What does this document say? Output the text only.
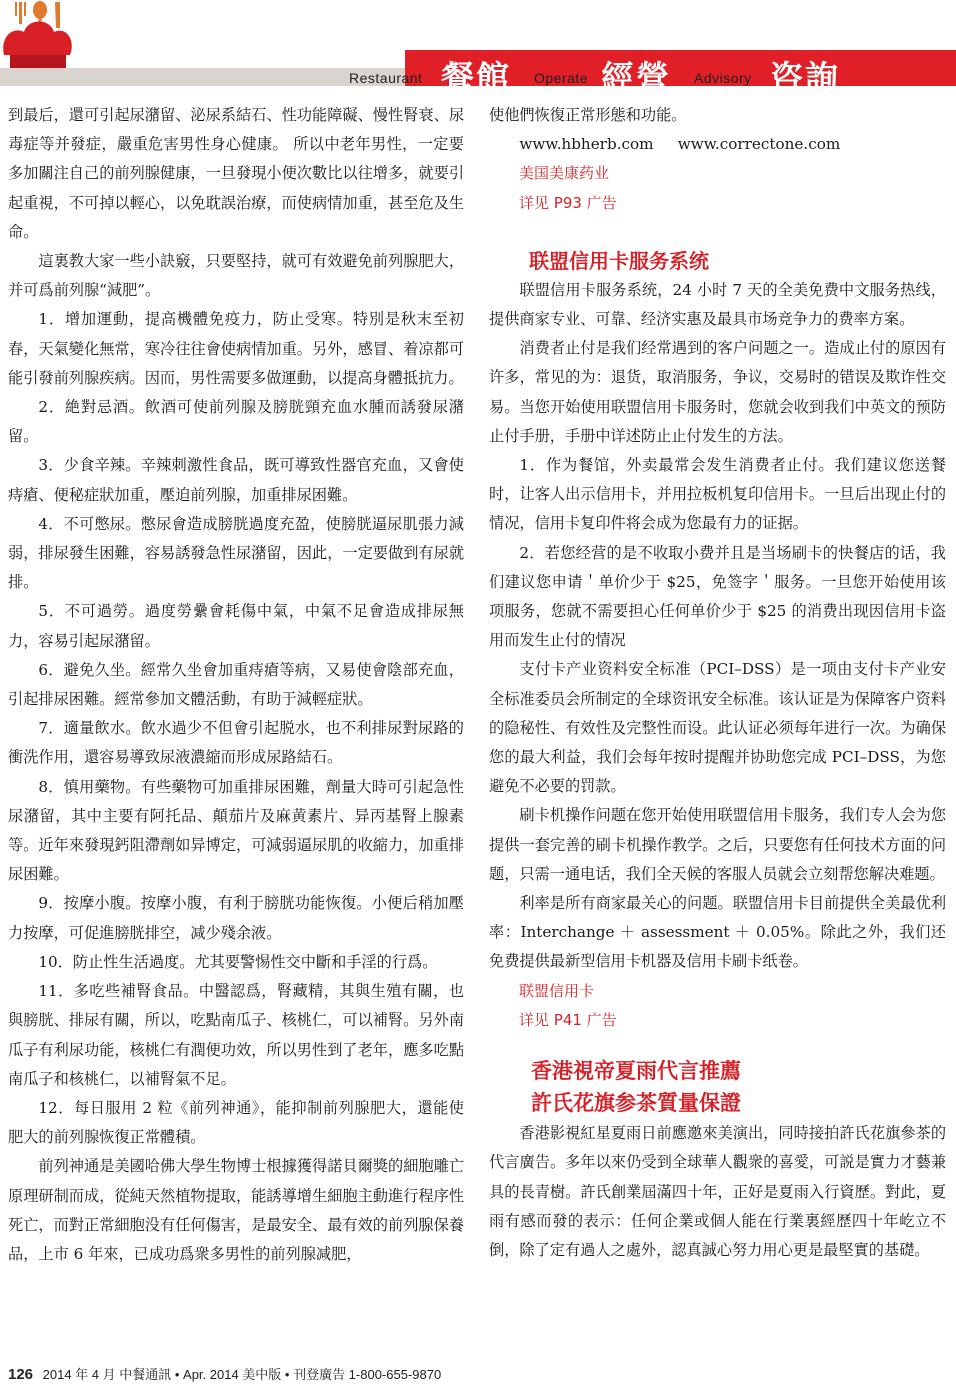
Restaurant 餐館 Operate 經營 Advisory 咨詢

到最后，還可引起尿潴留、泌尿系結石、性功能障礙、慢性腎衰、尿毒症等并發症，嚴重危害男性身心健康。 所以中老年男性，一定要多加關注自己的前列腺健康，一旦發現小便次數比以往增多，就要引起重視，不可掉以輕心，以免耽誤治療，而使病情加重，甚至危及生命。

這裏教大家一些小訣竅，只要堅持，就可有效避免前列腺肥大，并可爲前列腺“減肥”。

1．增加運動，提高機體免疫力，防止受寒。特別是秋末至初春，天氣變化無常，寒冷往往會使病情加重。另外，感冒、着凉都可能引發前列腺疾病。因而，男性需要多做運動，以提高身體抵抗力。

2．絶對忌酒。飲酒可使前列腺及膀胱頸充血水腫而誘發尿潴留。

3．少食辛辣。辛辣刺激性食品，既可導致性器官充血，又會使痔瘡、便秘症狀加重，壓迫前列腺，加重排尿困難。

4．不可憋尿。憋尿會造成膀胱過度充盈，使膀胱逼尿肌張力減弱，排尿發生困難，容易誘發急性尿潴留，因此，一定要做到有尿就排。

5．不可過勞。過度勞纍會耗傷中氣，中氣不足會造成排尿無力，容易引起尿潴留。

6．避免久坐。經常久坐會加重痔瘡等病，又易使會陰部充血，引起排尿困難。經常參加文體活動，有助于減輕症狀。

7．適量飲水。飲水過少不但會引起脱水，也不利排尿對尿路的衝洗作用，還容易導致尿液濃縮而形成尿路結石。

8．慎用藥物。有些藥物可加重排尿困難，劑量大時可引起急性尿潴留，其中主要有阿托品、顛茄片及麻黄素片、异丙基腎上腺素等。近年來發現鈣阻滯劑如异博定，可減弱逼尿肌的收縮力，加重排尿困難。

9．按摩小腹。按摩小腹，有利于膀胱功能恢復。小便后稍加壓力按摩，可促進膀胱排空，减少殘余液。

10．防止性生活過度。尤其要警惕性交中斷和手淫的行爲。

11．多吃些補腎食品。中醫認爲，腎藏精，其與生殖有關，也與膀胱、排尿有關，所以，吃點南瓜子、核桃仁，可以補腎。另外南瓜子有利尿功能，核桃仁有潤便功效，所以男性到了老年，應多吃點南瓜子和核桃仁，以補腎氣不足。

12．每日服用 2 粒《前列神通》，能抑制前列腺肥大，還能使肥大的前列腺恢復正常體積。

前列神通是美國哈佛大學生物博士根據獲得諾貝爾獎的細胞雕亡原理研制而成，從純天然植物提取，能誘導增生細胞主動進行程序性死亡，而對正常細胞没有任何傷害，是最安全、最有效的前列腺保養品，上市 6 年來，已成功爲衆多男性的前列腺减肥，

使他們恢復正常形態和功能。

www.hbherb.com www.correctone.com

美国美康药业

详见 P93 广告

联盟信用卡服务系统

联盟信用卡服务系统，24 小时 7 天的全美免费中文服务热线，提供商家专业、可靠、经济实惠及最具市场竞争力的费率方案。

消费者止付是我们经常遇到的客户问题之一。造成止付的原因有许多，常见的为：退货，取消服务，争议，交易时的错误及欺诈性交易。当您开始使用联盟信用卡服务时，您就会收到我们中英文的预防止付手册，手册中详述防止止付发生的方法。

1．作为餐馆，外卖最常会发生消费者止付。我们建议您送餐时，让客人出示信用卡，并用拉板机复印信用卡。一旦后出现止付的情况，信用卡复印件将会成为您最有力的证据。

2．若您经营的是不收取小费并且是当场刷卡的快餐店的话，我们建议您申请＇单价少于 $25，免签字＇服务。一旦您开始使用该项服务，您就不需要担心任何单价少于 $25 的消费出现因信用卡盗用而发生止付的情况

支付卡产业资料安全标准（PCI–DSS）是一项由支付卡产业安全标准委员会所制定的全球资讯安全标准。该认证是为保障客户资料的隐秘性、有效性及完整性而设。此认证必须每年进行一次。为确保您的最大利益，我们会每年按时提醒并协助您完成 PCI–DSS，为您避免不必要的罚款。

刷卡机操作问题在您开始使用联盟信用卡服务，我们专人会为您提供一套完善的刷卡机操作教学。之后，只要您有任何技术方面的问题，只需一通电话，我们全天候的客服人员就会立刻帮您解决难题。

利率是所有商家最关心的问题。联盟信用卡目前提供全美最优利率：Interchange ＋ assessment ＋ 0.05%。除此之外，我们还免费提供最新型信用卡机器及信用卡刷卡纸卷。

联盟信用卡

详见 P41 广告

香港視帝夏雨代言推薦

許氏花旗参茶質量保證

香港影視紅星夏雨日前應邀來美演出，同時接拍許氏花旗參茶的代言廣告。多年以來仍受到全球華人觀衆的喜愛，可説是實力才藝兼具的長青樹。許氏創業屆滿四十年，正好是夏雨入行資歷。對此，夏雨有感而發的表示：任何企業或個人能在行業裏經歷四十年屹立不倒，除了定有過人之處外，認真誠心努力用心更是最堅實的基礎。

126 2014 年 4 月 中餐通訊 • Apr. 2014 美中版 • 刊登廣告 1-800-655-9870
